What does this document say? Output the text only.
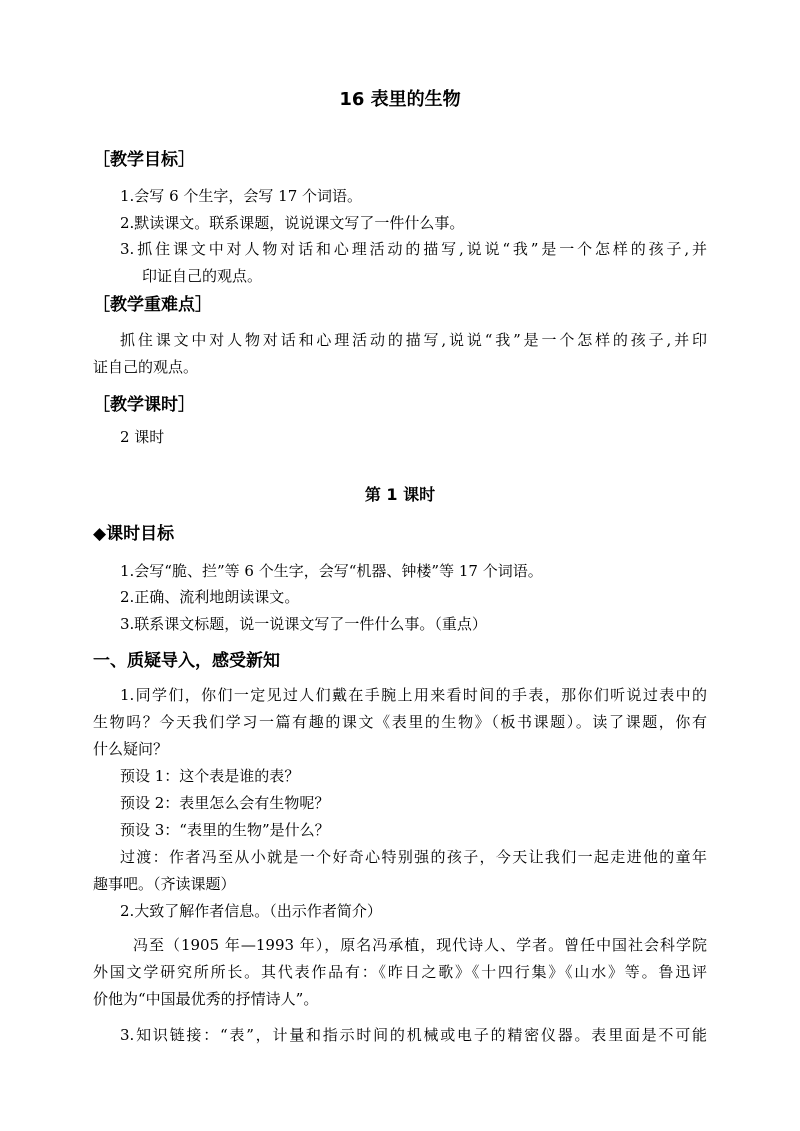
16 表里的生物
［教学目标］
1.会写 6 个生字，会写 17 个词语。
2.默读课文。联系课题，说说课文写了一件什么事。
3.抓住课文中对人物对话和心理活动的描写,说说“我”是一个怎样的孩子,并
印证自己的观点。
［教学重难点］
抓住课文中对人物对话和心理活动的描写,说说“我”是一个怎样的孩子,并印
证自己的观点。
［教学课时］
2 课时
第 1 课时
◆课时目标
1.会写“脆、拦”等 6 个生字，会写“机器、钟楼”等 17 个词语。
2.正确、流利地朗读课文。
3.联系课文标题，说一说课文写了一件什么事。（重点）
一、质疑导入，感受新知
1.同学们，你们一定见过人们戴在手腕上用来看时间的手表，那你们听说过表中的
生物吗？今天我们学习一篇有趣的课文《表里的生物》（板书课题）。读了课题，你有
什么疑问？
预设 1：这个表是谁的表？
预设 2：表里怎么会有生物呢？
预设 3：“表里的生物”是什么？
过渡：作者冯至从小就是一个好奇心特别强的孩子，今天让我们一起走进他的童年
趣事吧。（齐读课题）
2.大致了解作者信息。（出示作者简介）
冯至（1905 年—1993 年），原名冯承植，现代诗人、学者。曾任中国社会科学院
外国文学研究所所长。其代表作品有：《昨日之歌》《十四行集》《山水》等。鲁迅评
价他为“中国最优秀的抒情诗人”。
3.知识链接：“表”，计量和指示时间的机械或电子的精密仪器。表里面是不可能
